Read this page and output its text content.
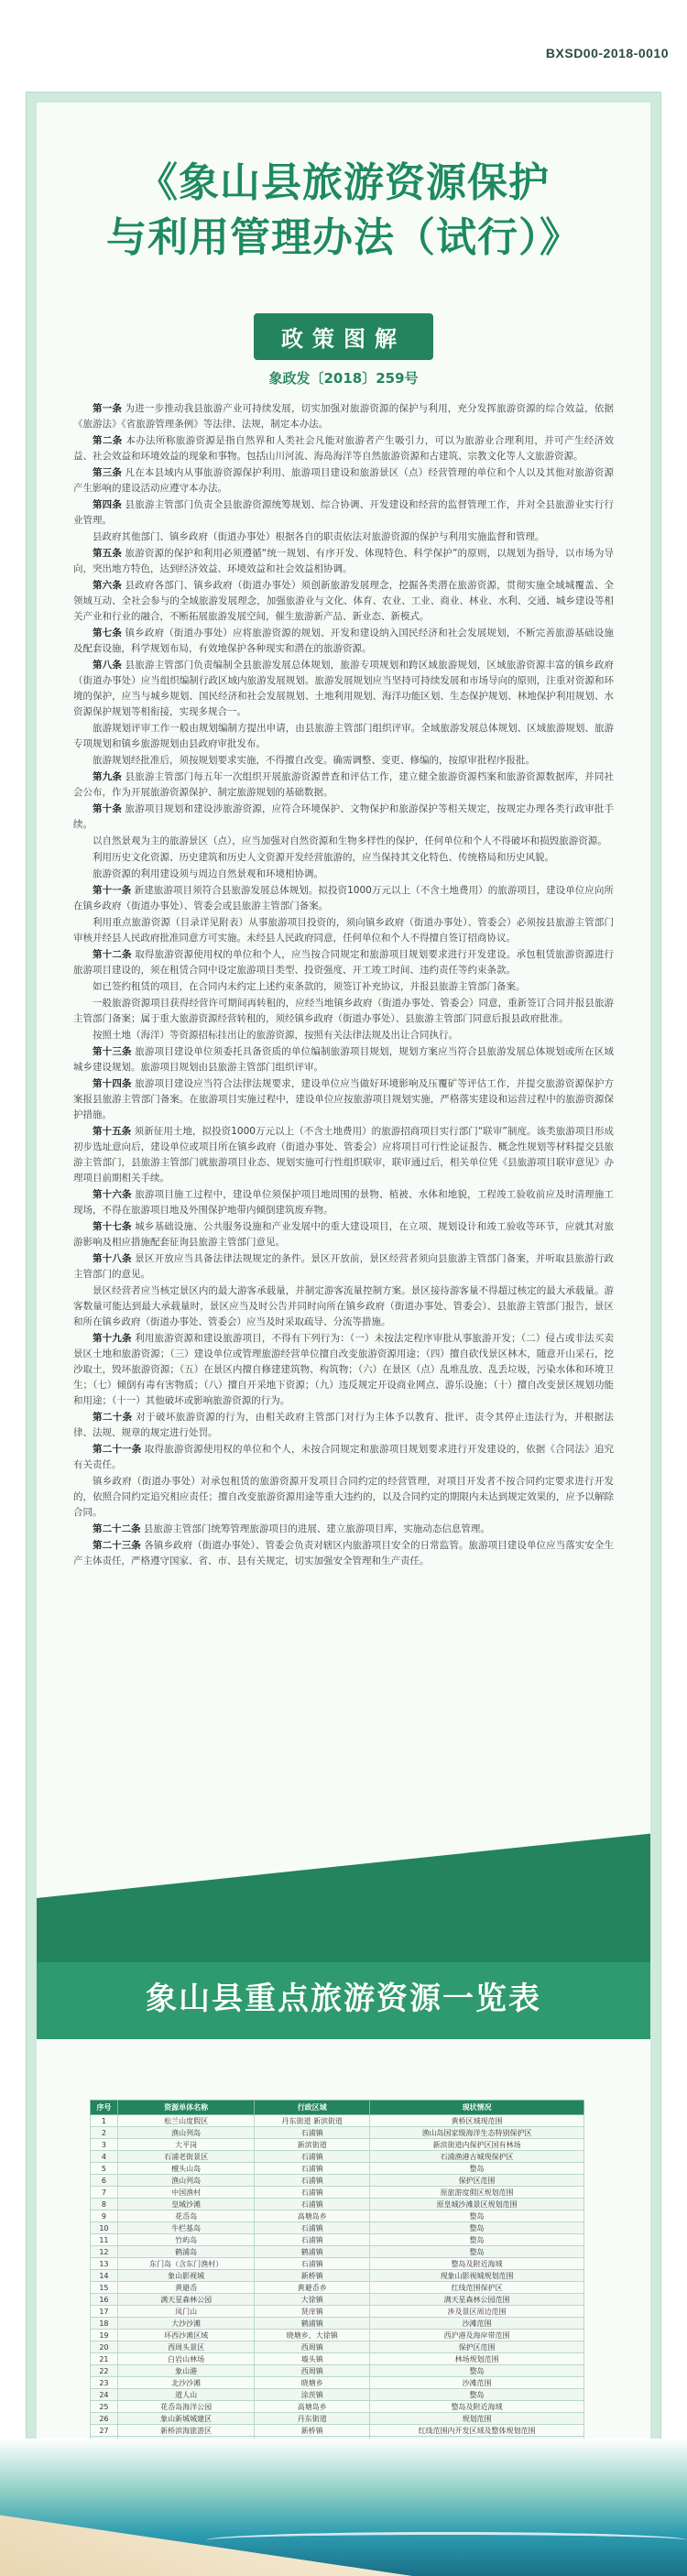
BXSD00-2018-0010
《象山县旅游资源保护
与利用管理办法（试行）》
政策图解
象政发〔2018〕259号

第一条 为进一步推动我县旅游产业可持续发展，切实加强对旅游资源的保护与利用，充分发挥旅游资源的综合效益，依据《旅游法》《省旅游管理条例》等法律、法规，制定本办法。

第二条 本办法所称旅游资源是指自然界和人类社会凡能对旅游者产生吸引力，可以为旅游业合理利用，并可产生经济效益、社会效益和环境效益的现象和事物。包括山川河流、海岛海洋等自然旅游资源和古建筑、宗教文化等人文旅游资源。

第三条 凡在本县域内从事旅游资源保护利用、旅游项目建设和旅游景区（点）经营管理的单位和个人以及其他对旅游资源产生影响的建设活动应遵守本办法。

第四条 县旅游主管部门负责全县旅游资源统筹规划、综合协调、开发建设和经营的监督管理工作，并对全县旅游业实行行业管理。

县政府其他部门、镇乡政府（街道办事处）根据各自的职责依法对旅游资源的保护与利用实施监督和管理。

第五条 旅游资源的保护和利用必须遵循“统一规划、有序开发、体现特色、科学保护”的原则，以规划为指导，以市场为导向，突出地方特色，达到经济效益、环境效益和社会效益相协调。

第六条 县政府各部门、镇乡政府（街道办事处）须创新旅游发展理念，挖掘各类潜在旅游资源，贯彻实施全域城覆盖、全领域互动、全社会参与的全域旅游发展理念，加强旅游业与文化、体育、农业、工业、商业、林业、水利、交通、城乡建设等相关产业和行业的融合，不断拓展旅游发展空间，催生旅游新产品、新业态、新模式。

第七条 镇乡政府（街道办事处）应将旅游资源的规划、开发和建设纳入国民经济和社会发展规划，不断完善旅游基础设施及配套设施，科学规划布局，有效地保护各种现实和潜在的旅游资源。

第八条 县旅游主管部门负责编制全县旅游发展总体规划，旅游专项规划和跨区域旅游规划，区域旅游资源丰富的镇乡政府（街道办事处）应当组织编制行政区域内旅游发展规划。旅游发展规划应当坚持可持续发展和市场导向的原则，注重对资源和环境的保护，应当与城乡规划、国民经济和社会发展规划、土地利用规划、海洋功能区划、生态保护规划、林地保护利用规划、水资源保护规划等相衔接，实现多规合一。

旅游规划评审工作一般由规划编制方提出申请，由县旅游主管部门组织评审。全域旅游发展总体规划、区域旅游规划、旅游专项规划和镇乡旅游规划由县政府审批发布。

旅游规划经批准后，须按规划要求实施，不得擅自改变。确需调整、变更、修编的，按原审批程序报批。

第九条 县旅游主管部门每五年一次组织开展旅游资源普查和评估工作，建立健全旅游资源档案和旅游资源数据库，并同社会公布，作为开展旅游资源保护、制定旅游规划的基础数据。

第十条 旅游项目规划和建设涉旅游资源，应符合环境保护、文物保护和旅游保护等相关规定，按规定办理各类行政审批手续。

以自然景观为主的旅游景区（点），应当加强对自然资源和生物多样性的保护，任何单位和个人不得破坏和损毁旅游资源。

利用历史文化资源、历史建筑和历史人文资源开发经营旅游的，应当保持其文化特色、传统格局和历史风貌。

旅游资源的利用建设须与周边自然景观和环境相协调。

第十一条 新建旅游项目须符合县旅游发展总体规划。拟投资1000万元以上（不含土地费用）的旅游项目，建设单位应向所在镇乡政府（街道办事处）、管委会或县旅游主管部门备案。

利用重点旅游资源（目录详见附表）从事旅游项目投资的，须向镇乡政府（街道办事处）、管委会）必须按县旅游主管部门审核并经县人民政府批准同意方可实施。未经县人民政府同意，任何单位和个人不得擅自签订招商协议。

第十二条 取得旅游资源使用权的单位和个人，应当按合同规定和旅游项目规划要求进行开发建设。承包租赁旅游资源进行旅游项目建设的，须在租赁合同中设定旅游项目类型、投资强度、开工竣工时间、违约责任等约束条款。

如已签约租赁的项目，在合同内未约定上述约束条款的，须签订补充协议，并报县旅游主管部门备案。

一般旅游资源项目获得经营许可期间再转租的，应经当地镇乡政府（街道办事处、管委会）同意，重新签订合同并报县旅游主管部门备案；属于重大旅游资源经营转租的，须经镇乡政府（街道办事处）、县旅游主管部门同意后报县政府批准。

按照土地（海洋）等资源招标挂出让的旅游资源，按照有关法律法规及出让合同执行。

第十三条 旅游项目建设单位须委托具备资质的单位编制旅游项目规划，规划方案应当符合县旅游发展总体规划或所在区域城乡建设规划。旅游项目规划由县旅游主管部门组织评审。

第十四条 旅游项目建设应当符合法律法规要求，建设单位应当做好环境影响及压覆矿等评估工作，并提交旅游资源保护方案报县旅游主管部门备案。在旅游项目实施过程中，建设单位应按旅游项目规划实施，严格落实建设和运营过程中的旅游资源保护措施。

第十五条 须新征用土地，拟投资1000万元以上（不含土地费用）的旅游招商项目实行部门“联审”制度。该类旅游项目形成初步选址意向后，建设单位或项目所在镇乡政府（街道办事处、管委会）应将项目可行性论证报告、概念性规划等材料提交县旅游主管部门，县旅游主管部门就旅游项目业态、规划实施可行性组织联审，联审通过后，相关单位凭《县旅游项目联审意见》办理项目前期相关手续。

第十六条 旅游项目施工过程中，建设单位须保护项目地周围的景物、植被、水体和地貌，工程竣工验收前应及时清理施工现场，不得在旅游项目地及外围保护地带内倾倒建筑废弃物。

第十七条 城乡基础设施、公共服务设施和产业发展中的重大建设项目，在立项、规划设计和竣工验收等环节，应就其对旅游影响及相应措施配套征询县旅游主管部门意见。

第十八条 景区开放应当具备法律法规规定的条件。景区开放前，景区经营者须向县旅游主管部门备案，并听取县旅游行政主管部门的意见。

景区经营者应当核定景区内的最大游客承载量，并制定游客流量控制方案。景区接待游客量不得超过核定的最大承载量。游客数量可能达到最大承载量时，景区应当及时公告并同时向所在镇乡政府（街道办事处、管委会）、县旅游主管部门报告，景区和所在镇乡政府（街道办事处、管委会）应当及时采取疏导、分流等措施。

第十九条 利用旅游资源和建设旅游项目，不得有下列行为：（一）未按法定程序审批从事旅游开发；（二）侵占或非法买卖景区土地和旅游资源；（三）建设单位或管理旅游经营单位擅自改变旅游资源用途；（四）擅自砍伐景区林木，随意开山采石，挖沙取土，毁坏旅游资源；（五）在景区内擅自修建建筑物、构筑物；（六）在景区（点）乱堆乱放、乱丢垃圾，污染水体和环境卫生；（七）倾倒有毒有害物质；（八）擅自开采地下资源；（九）违反规定开设商业网点、游乐设施；（十）擅自改变景区规划功能和用途；（十一）其他破坏或影响旅游资源的行为。

第二十条 对于破坏旅游资源的行为，由相关政府主管部门对行为主体予以教育、批评、责令其停止违法行为，并根据法律、法规、规章的规定进行处罚。

第二十一条 取得旅游资源使用权的单位和个人，未按合同规定和旅游项目规划要求进行开发建设的，依据《合同法》追究有关责任。

镇乡政府（街道办事处）对承包租赁的旅游资源开发项目合同约定的经营管理，对项目开发者不按合同约定要求进行开发的，依照合同约定追究相应责任；擅自改变旅游资源用途等重大违约的，以及合同约定的期限内未达到规定效果的，应予以解除合同。

第二十二条 县旅游主管部门统筹管理旅游项目的进展、建立旅游项目库，实施动态信息管理。

第二十三条 各镇乡政府（街道办事处）、管委会负责对辖区内旅游项目安全的日常监管。旅游项目建设单位应当落实安全生产主体责任，严格遵守国家、省、市、县有关规定，切实加强安全管理和生产责任。

象山县重点旅游资源一览表
序号	资源单体名称	行政区域	现状情况
1	松兰山度假区	丹东街道 新滨街道	黄桥区域现范围
2	渔山列岛	石浦镇	渔山岛国家级海洋生态特别保护区
3	大平岗	新滨街道	新滨街道内保护区国有林场
4	石浦老街景区	石浦镇	石浦渔港古城现保护区
5	檀头山岛	石浦镇	整岛
6	渔山列岛	石浦镇	保护区范围
7	中国渔村	石浦镇	原旅游度假区规划范围
8	皇城沙滩	石浦镇	原皇城沙滩景区规划范围
9	花岙岛	高塘岛乡	整岛
10	牛栏基岛	石浦镇	整岛
11	竹屿岛	石浦镇	整岛
12	鹤浦岛	鹤浦镇	整岛
13	东门岛（含东门渔村）	石浦镇	整岛及附近海域
14	象山影视城	新桥镇	现象山影视城规划范围
15	黄避岙	黄避岙乡	红线范围保护区
16	满天星森林公园	大徐镇	满天星森林公园范围
17	凤门山	贤庠镇	涉及景区周边范围
18	大沙沙滩	鹤浦镇	沙滩范围
19	环西沙滩区域	晓塘乡、大徐镇	西沪港及海岸带范围
20	西周头景区	西周镇	保护区范围
21	白岩山林场	墙头镇	林场规划范围
22	象山港	西周镇	整岛
23	北沙沙滩	晓塘乡	沙滩范围
24	道人山	涂茨镇	整岛
25	花岙岛海洋公园	高塘岛乡	整岛及附近海域
26	象山新城城建区	丹东街道	规划范围
27	新桥滨海旅游区	新桥镇	红线范围内开发区域及整体规划范围
